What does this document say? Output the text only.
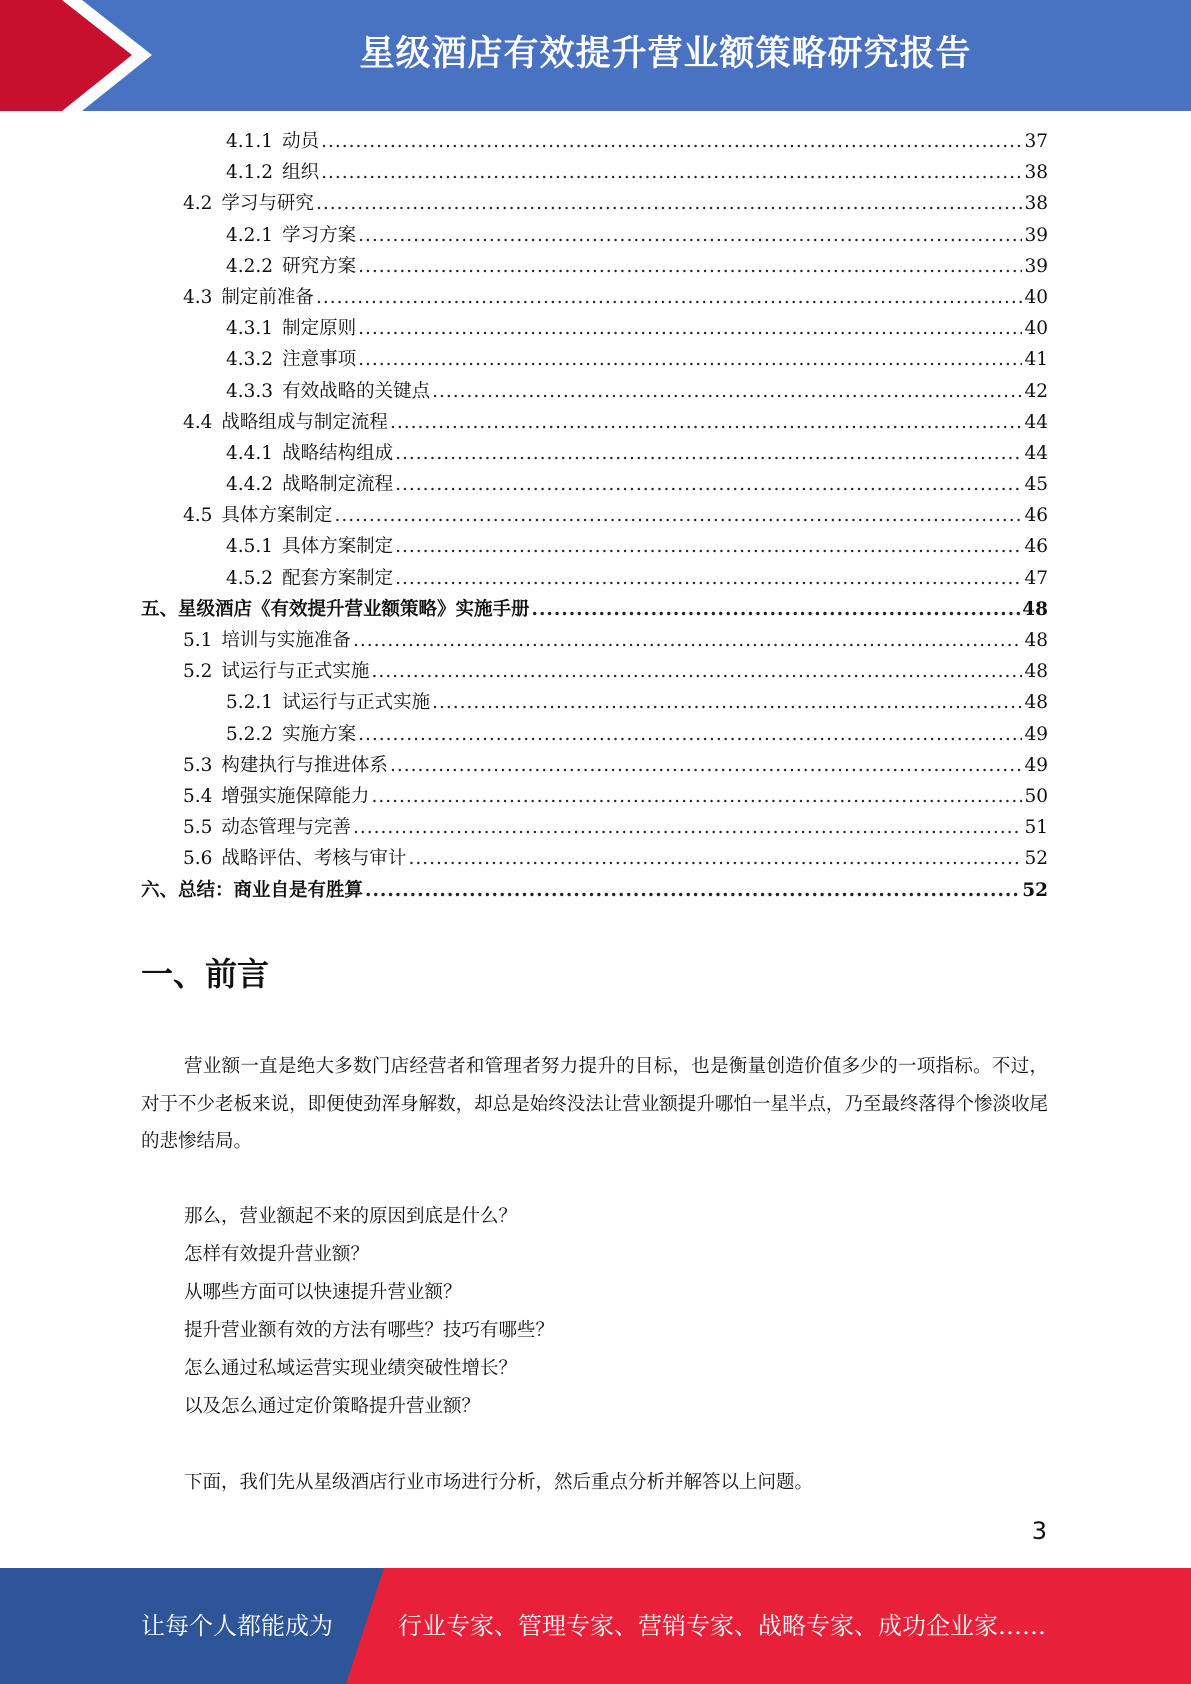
星级酒店有效提升营业额策略研究报告
4.1.1 动员 .....	37
4.1.2 组织 .....	38
4.2 学习与研究 .....	38
4.2.1 学习方案 .....	39
4.2.2 研究方案 .....	39
4.3 制定前准备 .....	40
4.3.1 制定原则 .....	40
4.3.2 注意事项 .....	41
4.3.3 有效战略的关键点 .....	42
4.4 战略组成与制定流程 .....	44
4.4.1 战略结构组成 .....	44
4.4.2 战略制定流程 .....	45
4.5 具体方案制定 .....	46
4.5.1 具体方案制定 .....	46
4.5.2 配套方案制定 .....	47
五、星级酒店《有效提升营业额策略》实施手册 .....	48
5.1 培训与实施准备 .....	48
5.2 试运行与正式实施 .....	48
5.2.1 试运行与正式实施 .....	48
5.2.2 实施方案 .....	49
5.3 构建执行与推进体系 .....	49
5.4 增强实施保障能力 .....	50
5.5 动态管理与完善 .....	51
5.6 战略评估、考核与审计 .....	52
六、总结：商业自是有胜算 .....	52
一、前言
营业额一直是绝大多数门店经营者和管理者努力提升的目标，也是衡量创造价值多少的一项指标。不过，对于不少老板来说，即便使劲浑身解数，却总是始终没法让营业额提升哪怕一星半点，乃至最终落得个惨淡收尾的悲惨结局。
那么，营业额起不来的原因到底是什么？
怎样有效提升营业额？
从哪些方面可以快速提升营业额？
提升营业额有效的方法有哪些？技巧有哪些？
怎么通过私域运营实现业绩突破性增长？
以及怎么通过定价策略提升营业额？
下面，我们先从星级酒店行业市场进行分析，然后重点分析并解答以上问题。
3
让每个人都能成为	行业专家、管理专家、营销专家、战略专家、成功企业家……
